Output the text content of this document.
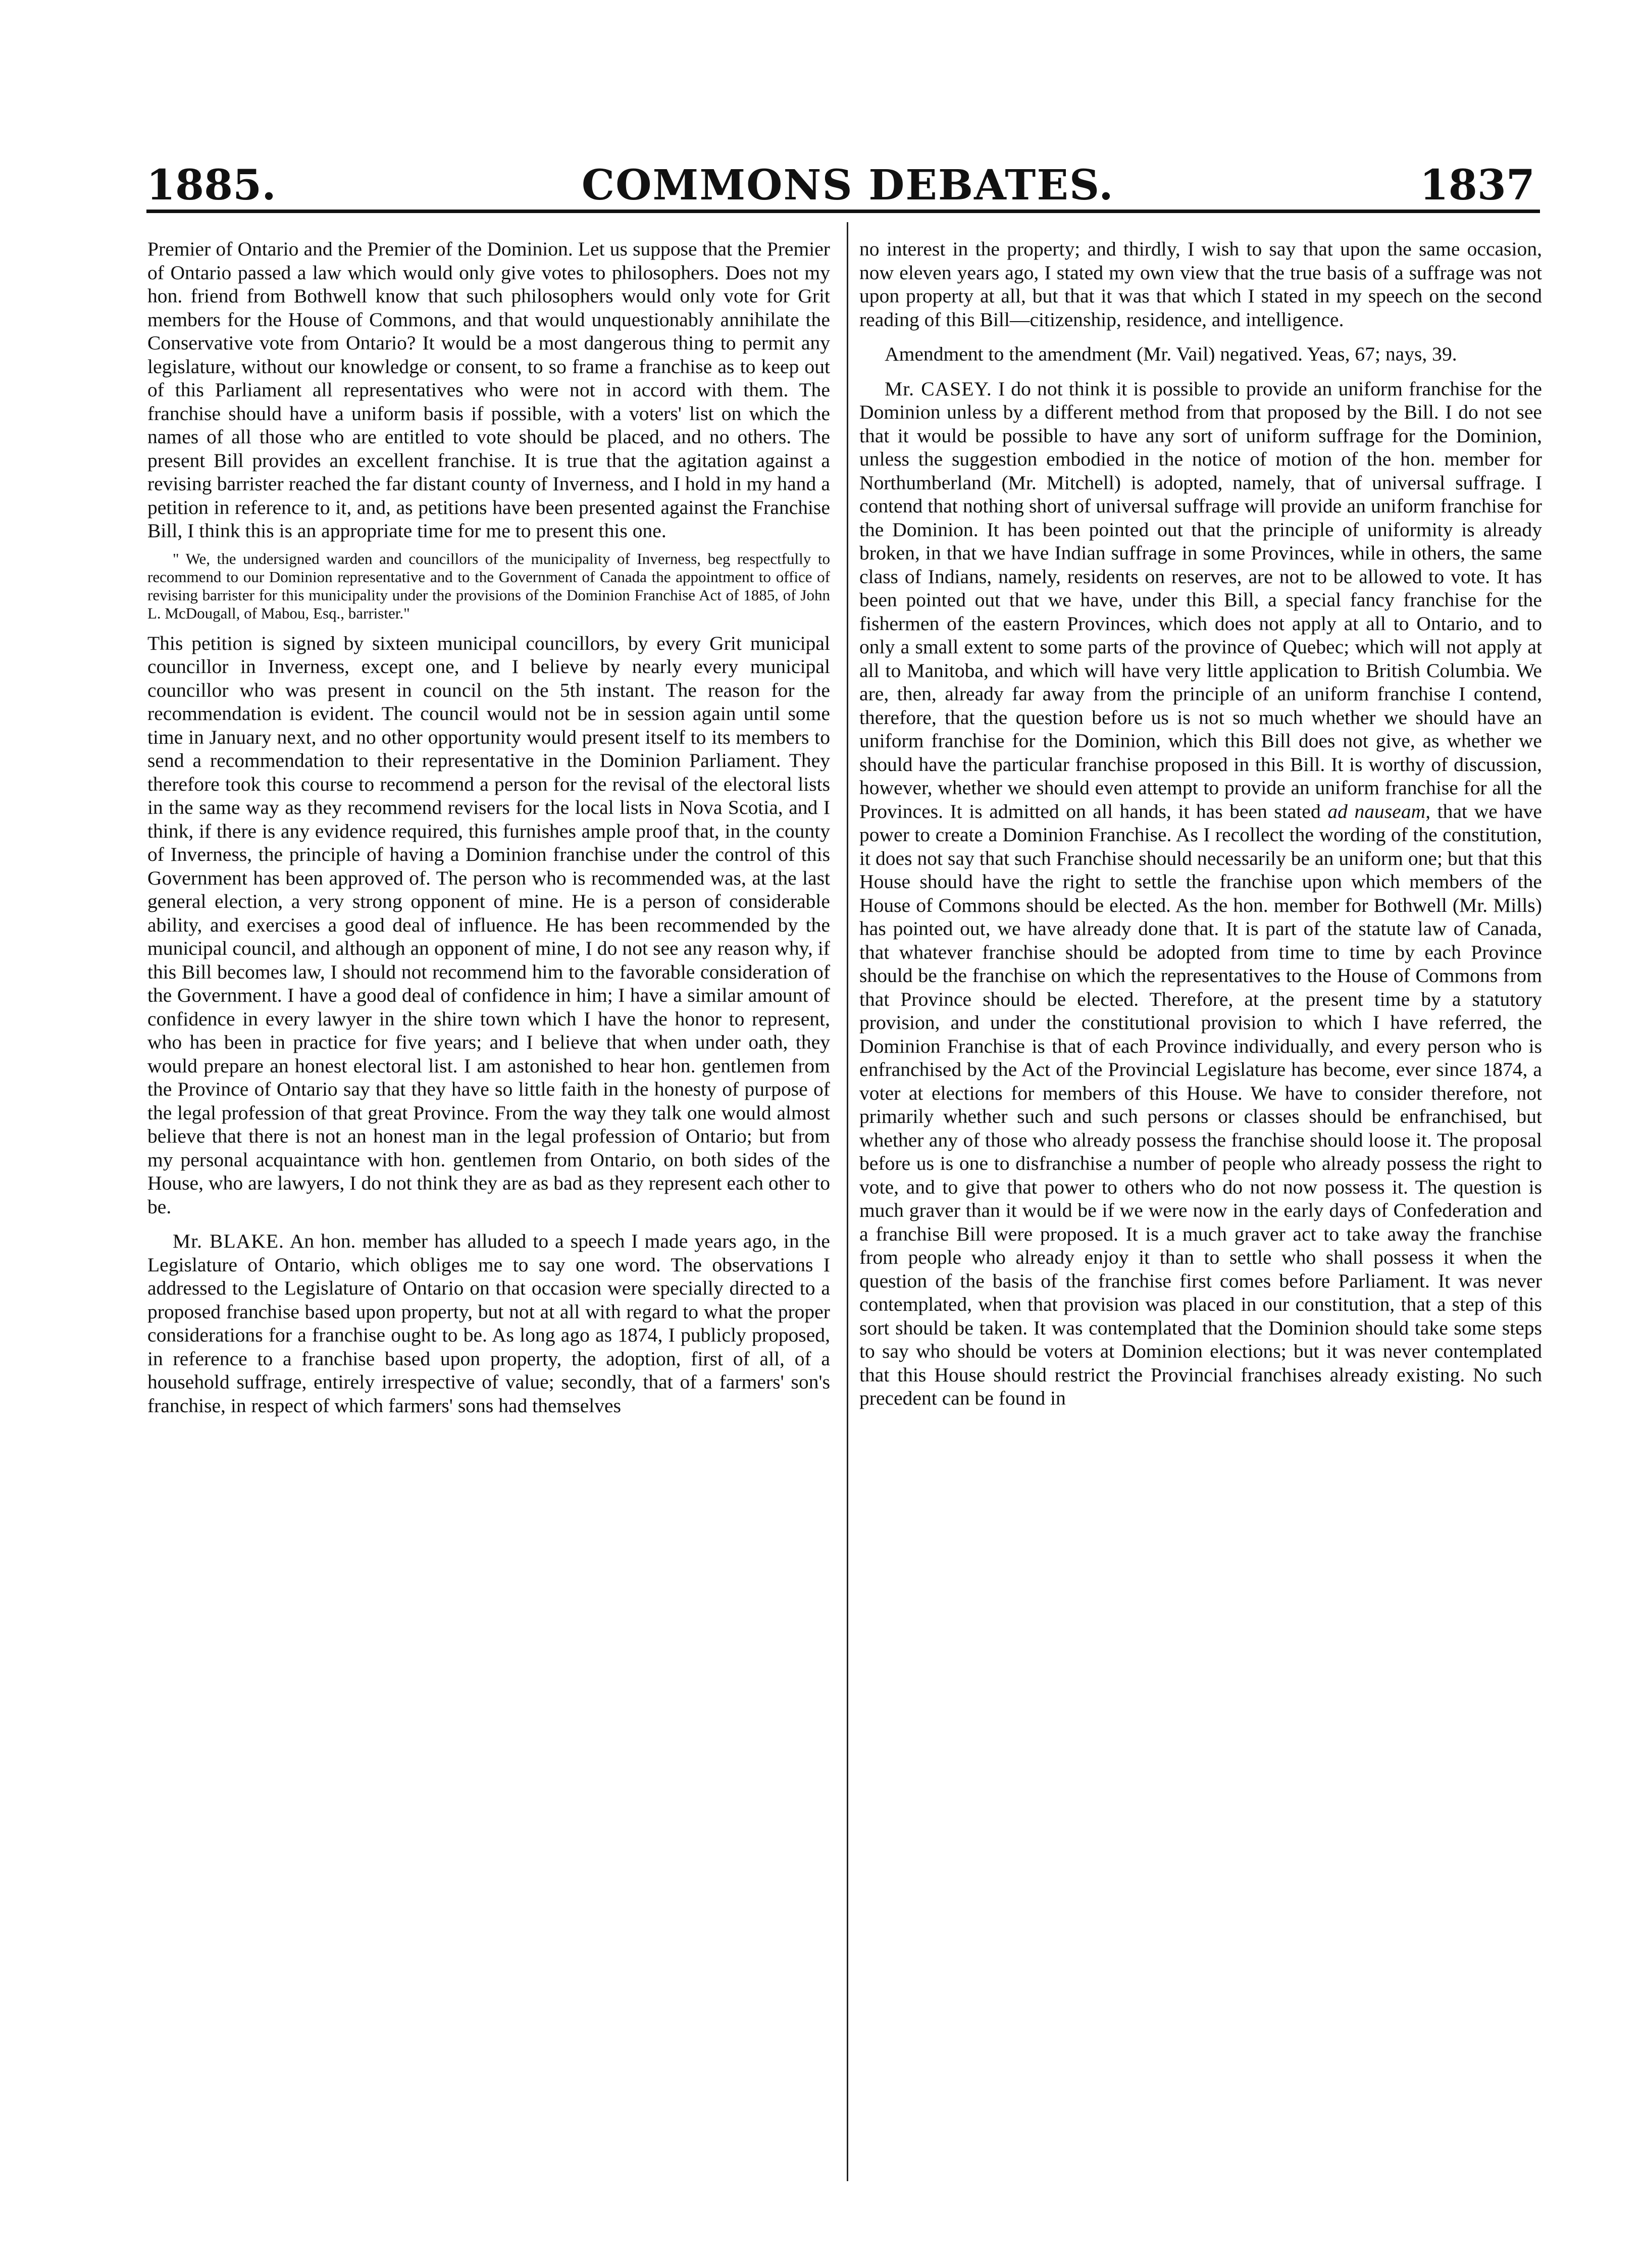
1885.	COMMONS DEBATES.	1837

Premier of Ontario and the Premier of the Dominion. Let us suppose that the Premier of Ontario passed a law which would only give votes to philosophers. Does not my hon. friend from Bothwell know that such philosophers would only vote for Grit members for the House of Commons, and that would unquestionably annihilate the Conservative vote from Ontario? It would be a most dangerous thing to permit any legislature, without our knowledge or consent, to so frame a franchise as to keep out of this Parliament all representatives who were not in accord with them. The franchise should have a uniform basis if possible, with a voters' list on which the names of all those who are entitled to vote should be placed, and no others. The present Bill provides an excellent franchise. It is true that the agitation against a revising barrister reached the far distant county of Inverness, and I hold in my hand a petition in reference to it, and, as petitions have been presented against the Franchise Bill, I think this is an appropriate time for me to present this one.

" We, the undersigned warden and councillors of the municipality of Inverness, beg respectfully to recommend to our Dominion representative and to the Government of Canada the appointment to office of revising barrister for this municipality under the provisions of the Dominion Franchise Act of 1885, of John L. McDougall, of Mabou, Esq., barrister."

This petition is signed by sixteen municipal councillors, by every Grit municipal councillor in Inverness, except one, and I believe by nearly every municipal councillor who was present in council on the 5th instant. The reason for the recommendation is evident. The council would not be in session again until some time in January next, and no other opportunity would present itself to its members to send a recommendation to their representative in the Dominion Parliament. They therefore took this course to recommend a person for the revisal of the electoral lists in the same way as they recommend revisers for the local lists in Nova Scotia, and I think, if there is any evidence required, this furnishes ample proof that, in the county of Inverness, the principle of having a Dominion franchise under the control of this Government has been approved of. The person who is recommended was, at the last general election, a very strong opponent of mine. He is a person of considerable ability, and exercises a good deal of influence. He has been recommended by the municipal council, and although an opponent of mine, I do not see any reason why, if this Bill becomes law, I should not recommend him to the favorable consideration of the Government. I have a good deal of confidence in him; I have a similar amount of confidence in every lawyer in the shire town which I have the honor to represent, who has been in practice for five years; and I believe that when under oath, they would prepare an honest electoral list. I am astonished to hear hon. gentlemen from the Province of Ontario say that they have so little faith in the honesty of purpose of the legal profession of that great Province. From the way they talk one would almost believe that there is not an honest man in the legal profession of Ontario; but from my personal acquaintance with hon. gentlemen from Ontario, on both sides of the House, who are lawyers, I do not think they are as bad as they represent each other to be.

Mr. BLAKE. An hon. member has alluded to a speech I made years ago, in the Legislature of Ontario, which obliges me to say one word. The observations I addressed to the Legislature of Ontario on that occasion were specially directed to a proposed franchise based upon property, but not at all with regard to what the proper considerations for a franchise ought to be. As long ago as 1874, I publicly proposed, in reference to a franchise based upon property, the adoption, first of all, of a household suffrage, entirely irrespective of value; secondly, that of a farmers' son's franchise, in respect of which farmers' sons had themselves

no interest in the property; and thirdly, I wish to say that upon the same occasion, now eleven years ago, I stated my own view that the true basis of a suffrage was not upon property at all, but that it was that which I stated in my speech on the second reading of this Bill—citizenship, residence, and intelligence.

Amendment to the amendment (Mr. Vail) negatived. Yeas, 67; nays, 39.

Mr. CASEY. I do not think it is possible to provide an uniform franchise for the Dominion unless by a different method from that proposed by the Bill. I do not see that it would be possible to have any sort of uniform suffrage for the Dominion, unless the suggestion embodied in the notice of motion of the hon. member for Northumberland (Mr. Mitchell) is adopted, namely, that of universal suffrage. I contend that nothing short of universal suffrage will provide an uniform franchise for the Dominion. It has been pointed out that the principle of uniformity is already broken, in that we have Indian suffrage in some Provinces, while in others, the same class of Indians, namely, residents on reserves, are not to be allowed to vote. It has been pointed out that we have, under this Bill, a special fancy franchise for the fishermen of the eastern Provinces, which does not apply at all to Ontario, and to only a small extent to some parts of the province of Quebec; which will not apply at all to Manitoba, and which will have very little application to British Columbia. We are, then, already far away from the principle of an uniform franchise I contend, therefore, that the question before us is not so much whether we should have an uniform franchise for the Dominion, which this Bill does not give, as whether we should have the particular franchise proposed in this Bill. It is worthy of discussion, however, whether we should even attempt to provide an uniform franchise for all the Provinces. It is admitted on all hands, it has been stated ad nauseam, that we have power to create a Dominion Franchise. As I recollect the wording of the constitution, it does not say that such Franchise should necessarily be an uniform one; but that this House should have the right to settle the franchise upon which members of the House of Commons should be elected. As the hon. member for Bothwell (Mr. Mills) has pointed out, we have already done that. It is part of the statute law of Canada, that whatever franchise should be adopted from time to time by each Province should be the franchise on which the representatives to the House of Commons from that Province should be elected. Therefore, at the present time by a statutory provision, and under the constitutional provision to which I have referred, the Dominion Franchise is that of each Province individually, and every person who is enfranchised by the Act of the Provincial Legislature has become, ever since 1874, a voter at elections for members of this House. We have to consider therefore, not primarily whether such and such persons or classes should be enfranchised, but whether any of those who already possess the franchise should loose it. The proposal before us is one to disfranchise a number of people who already possess the right to vote, and to give that power to others who do not now possess it. The question is much graver than it would be if we were now in the early days of Confederation and a franchise Bill were proposed. It is a much graver act to take away the franchise from people who already enjoy it than to settle who shall possess it when the question of the basis of the franchise first comes before Parliament. It was never contemplated, when that provision was placed in our constitution, that a step of this sort should be taken. It was contemplated that the Dominion should take some steps to say who should be voters at Dominion elections; but it was never contemplated that this House should restrict the Provincial franchises already existing. No such precedent can be found in
